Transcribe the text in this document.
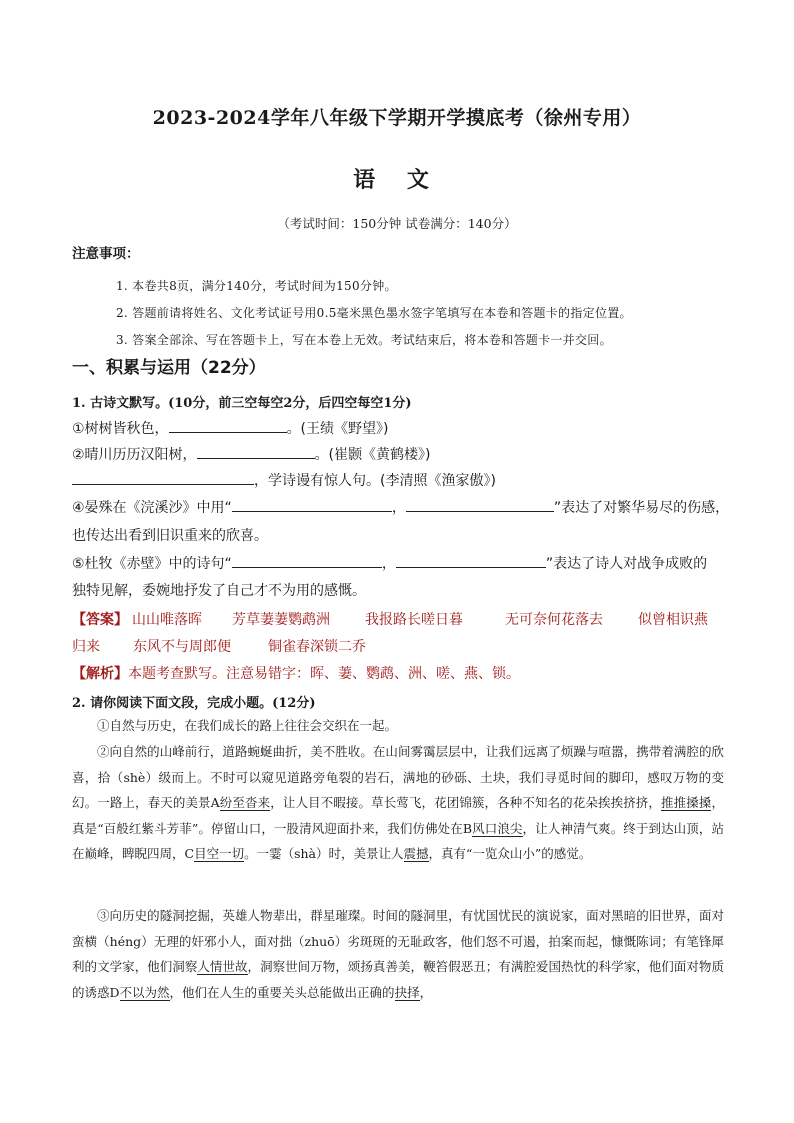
2023-2024学年八年级下学期开学摸底考（徐州专用）
语 文
（考试时间：150分钟 试卷满分：140分）
注意事项：
1. 本卷共8页，满分140分，考试时间为150分钟。
2. 答题前请将姓名、文化考试证号用0.5毫米黑色墨水签字笔填写在本卷和答题卡的指定位置。
3. 答案全部涂、写在答题卡上，写在本卷上无效。考试结束后，将本卷和答题卡一并交回。
一、积累与运用（22分）
1. 古诗文默写。(10分，前三空每空2分，后四空每空1分)
①树树皆秋色，	。(王绩《野望》)
②晴川历历汉阳树，	。(崔颢《黄鹤楼》)
，学诗谩有惊人句。(李清照《渔家傲》)
④晏殊在《浣溪沙》中用“	，	”表达了对繁华易尽的伤感，
也传达出看到旧识重来的欣喜。
⑤杜牧《赤壁》中的诗句“	，	”表达了诗人对战争成败的
独特见解，委婉地抒发了自己才不为用的感慨。
【答案】 山山唯落晖 芳草萋萋鹦鹉洲	我报路长嗟日暮	无可奈何花落去	似曾相识燕
归来 东风不与周郎便	铜雀春深锁二乔
【解析】本题考查默写。注意易错字：晖、萋、鹦鹉、洲、嗟、燕、锁。
2. 请你阅读下面文段，完成小题。(12分)
①自然与历史，在我们成长的路上往往会交织在一起。
②向自然的山峰前行，道路蜿蜒曲折，美不胜收。在山间雾霭层层中，让我们远离了烦躁与喧嚣，携带着满腔的欣喜，拾（shè）级而上。不时可以窥见道路旁龟裂的岩石，满地的砂砾、土块，我们寻觅时间的脚印，感叹万物的变幻。一路上，春天的美景A纷至沓来，让人目不暇接。草长莺飞，花团锦簇，各种不知名的花朵挨挨挤挤，推推搡搡，真是“百般红紫斗芳菲”。停留山口，一股清风迎面扑来，我们仿佛处在B风口浪尖，让人神清气爽。终于到达山顶，站在巅峰，睥睨四周，C目空一切。一霎（shà）时，美景让人震撼，真有“一览众山小”的感觉。
③向历史的隧洞挖掘，英雄人物辈出，群星璀璨。时间的隧洞里，有忧国忧民的演说家，面对黑暗的旧世界，面对蛮横（héng）无理的奸邪小人，面对拙（zhuō）劣斑斑的无耻政客，他们怒不可遏，拍案而起，慷慨陈词；有笔锋犀利的文学家，他们洞察人情世故，洞察世间万物，颂扬真善美，鞭笞假恶丑；有满腔爱国热忱的科学家，他们面对物质的诱惑D不以为然，他们在人生的重要关头总能做出正确的抉择，
